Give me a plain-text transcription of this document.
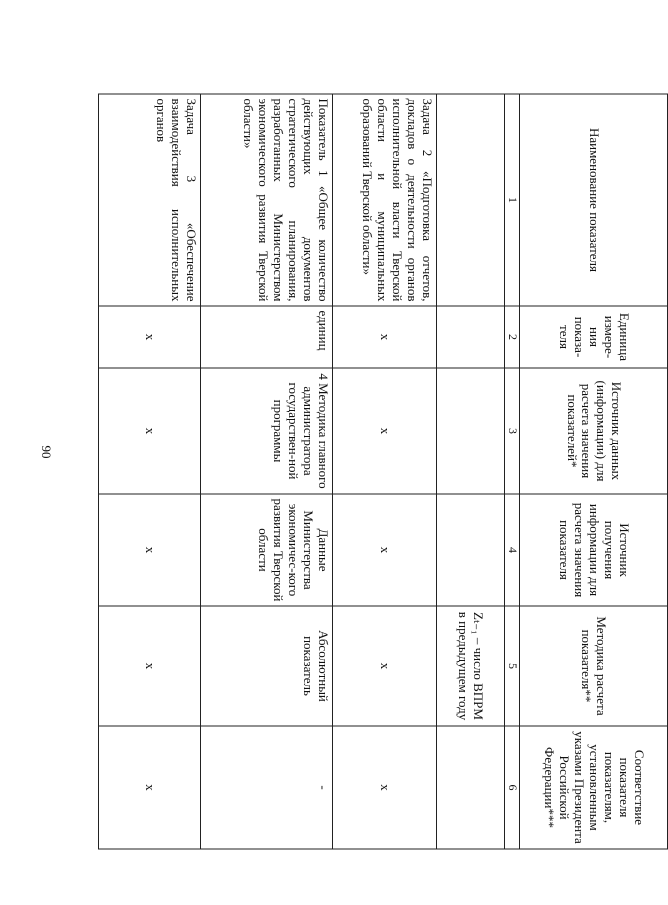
90
Наименование показателя	Единица измере-ния показа-теля	Источник данных (информации) для расчета значения показателей*	Источник получения информации для расчета значения показателя	Методика расчета показателя**	Соответствие показателя показателям, установленным указами Президента Российской Федерации***
1	2	3	4	5	6
				Zₜ₋₁ – число ВПРМ в предыдущем году	
Задача 2 «Подготовка отчетов, докладов о деятельности органов исполнительной власти Тверской области и муниципальных образований Тверской области»	x	x	x	x	x
Показатель 1 «Общее количество действующих документов стратегического планирования, разработанных Министерством экономического развития Тверской области»	единиц	4 Методика главного администратора государствен-ной программы	Данные Министерства экономичес-кого развития Тверской области	Абсолютный показатель	-
Задача 3 «Обеспечение взаимодействия исполнительных органов	x	x	x	x	x
